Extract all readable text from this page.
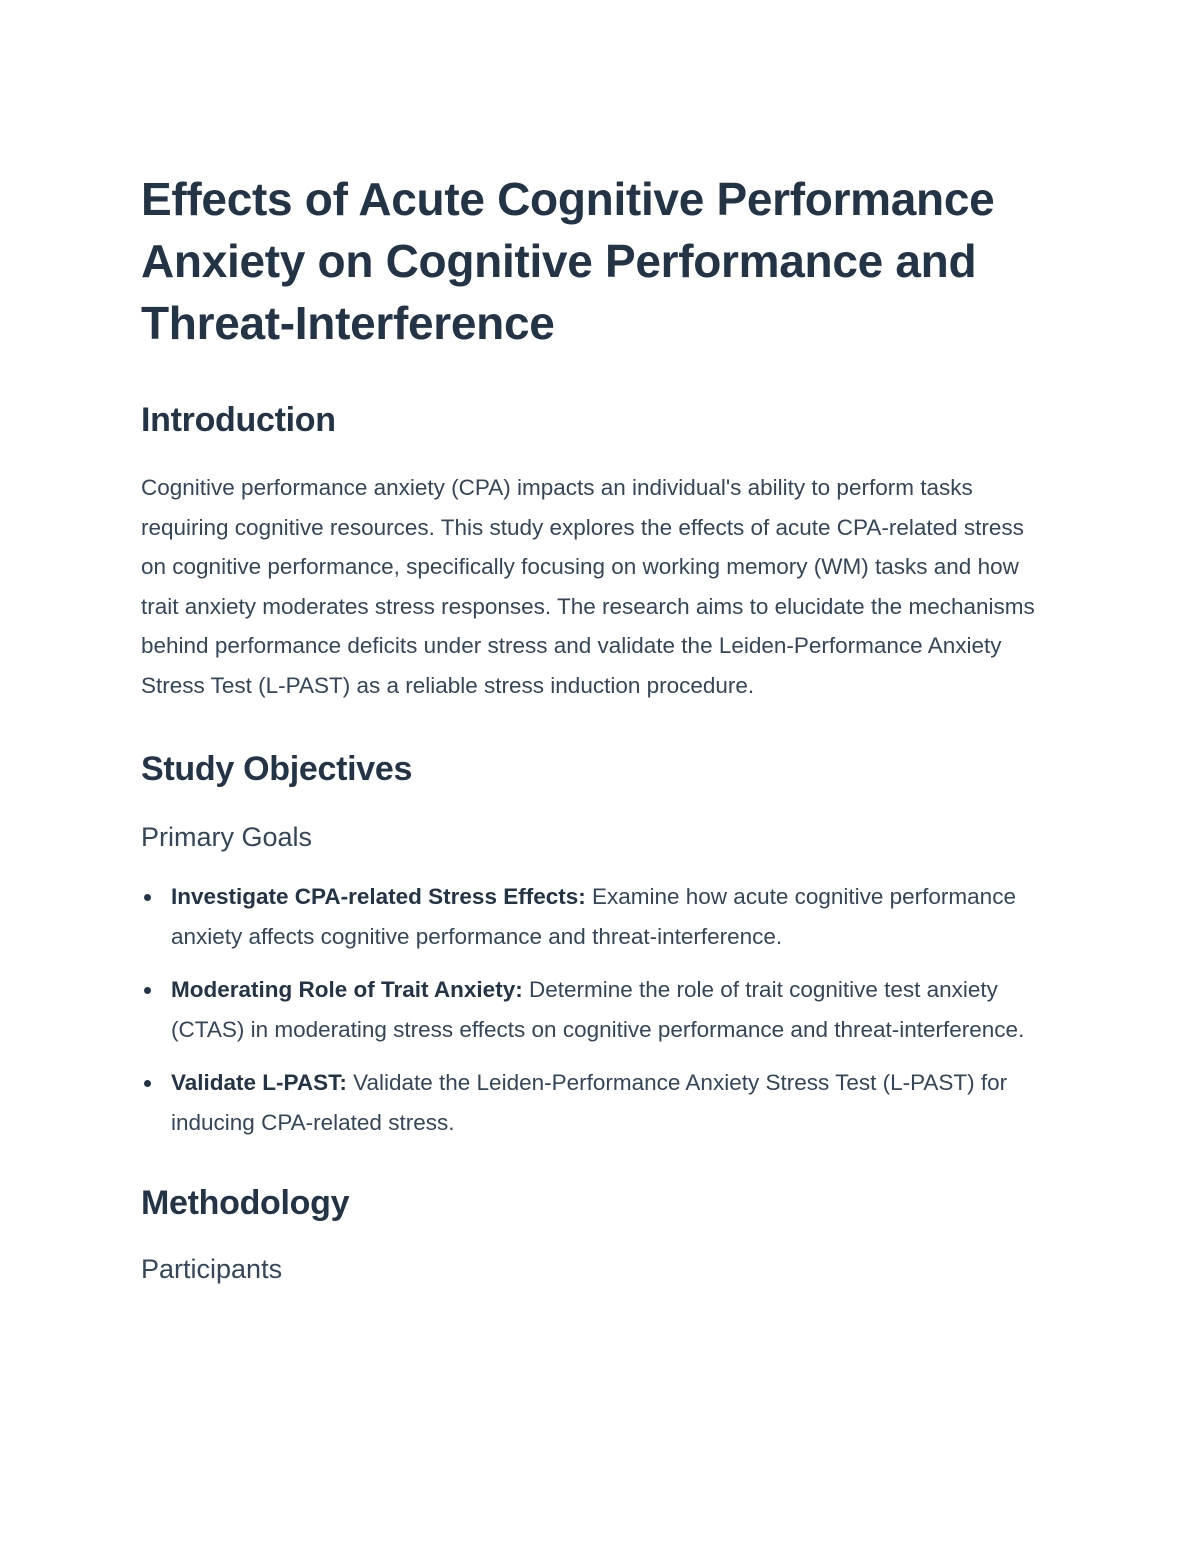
Effects of Acute Cognitive Performance Anxiety on Cognitive Performance and Threat-Interference
Introduction

Cognitive performance anxiety (CPA) impacts an individual's ability to perform tasks requiring cognitive resources. This study explores the effects of acute CPA-related stress on cognitive performance, specifically focusing on working memory (WM) tasks and how trait anxiety moderates stress responses. The research aims to elucidate the mechanisms behind performance deficits under stress and validate the Leiden-Performance Anxiety Stress Test (L-PAST) as a reliable stress induction procedure.

Study Objectives
Primary Goals
Investigate CPA-related Stress Effects: Examine how acute cognitive performance anxiety affects cognitive performance and threat-interference.
Moderating Role of Trait Anxiety: Determine the role of trait cognitive test anxiety (CTAS) in moderating stress effects on cognitive performance and threat-interference.
Validate L-PAST: Validate the Leiden-Performance Anxiety Stress Test (L-PAST) for inducing CPA-related stress.
Methodology
Participants
